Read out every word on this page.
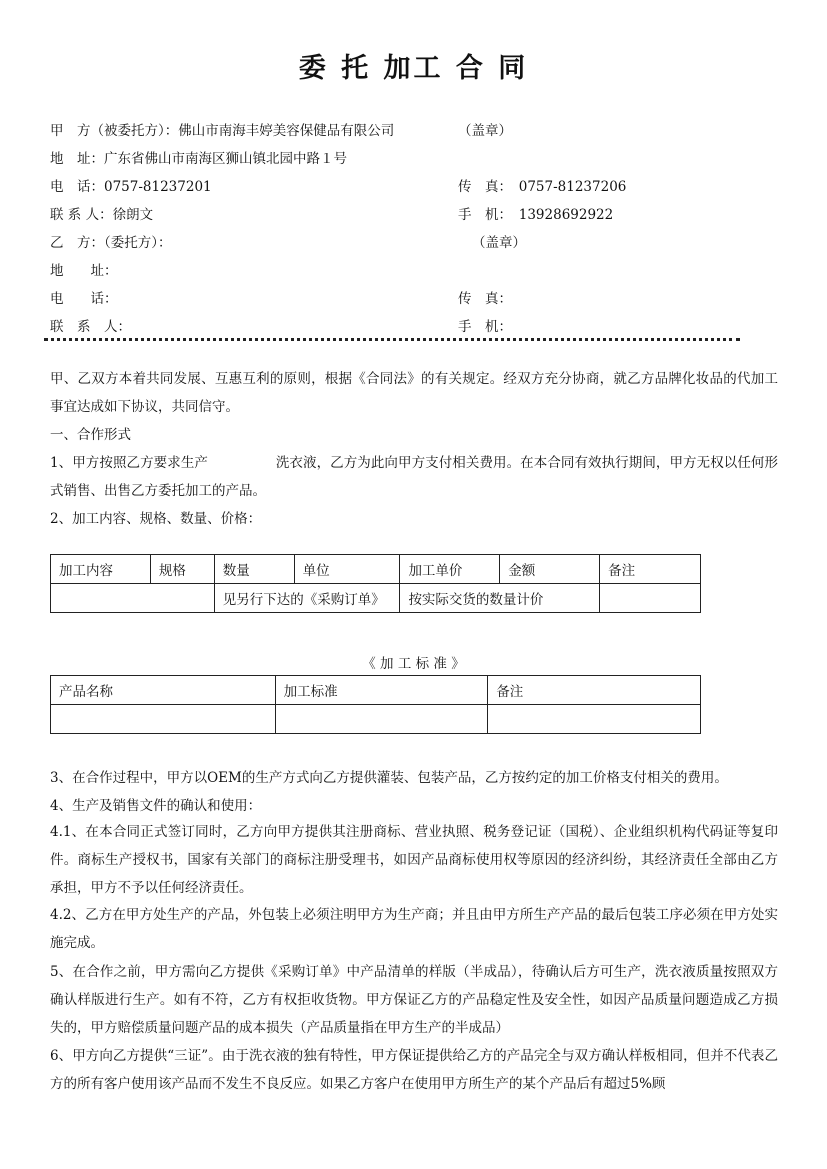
委 托 加工 合 同
甲　方（被委托方）：佛山市南海丰婷美容保健品有限公司	（盖章）
地　址：广东省佛山市南海区狮山镇北园中路１号
电　话：0757-81237201	传　真：　0757-81237206
联 系 人：徐朗文	手　机：　13928692922
乙　方：（委托方）：	（盖章）
地　　址：
电　　话：	传　真：
联　系　人：	手　机：
甲、乙双方本着共同发展、互惠互利的原则，根据《合同法》的有关规定。经双方充分协商，就乙方品牌化妆品的代加工事宜达成如下协议，共同信守。
一、合作形式
1、甲方按照乙方要求生产　　　　　洗衣液，乙方为此向甲方支付相关费用。在本合同有效执行期间，甲方无权以任何形式销售、出售乙方委托加工的产品。
2、加工内容、规格、数量、价格：
加工内容	规格	数量	单位	加工单价	金额	备注
		见另行下达的《采购订单》		按实际交货的数量计价		
《 加 工 标 准 》
产品名称	加工标准	备注

3、在合作过程中，甲方以OEM的生产方式向乙方提供灌装、包装产品，乙方按约定的加工价格支付相关的费用。
4、生产及销售文件的确认和使用：
4.1、在本合同正式签订同时，乙方向甲方提供其注册商标、营业执照、税务登记证（国税）、企业组织机构代码证等复印件。商标生产授权书，国家有关部门的商标注册受理书，如因产品商标使用权等原因的经济纠纷，其经济责任全部由乙方承担，甲方不予以任何经济责任。
4.2、乙方在甲方处生产的产品，外包装上必须注明甲方为生产商；并且由甲方所生产产品的最后包装工序必须在甲方处实施完成。
5、在合作之前，甲方需向乙方提供《采购订单》中产品清单的样版（半成品），待确认后方可生产，洗衣液质量按照双方确认样版进行生产。如有不符，乙方有权拒收货物。甲方保证乙方的产品稳定性及安全性，如因产品质量问题造成乙方损失的，甲方赔偿质量问题产品的成本损失（产品质量指在甲方生产的半成品）
6、甲方向乙方提供“三证”。由于洗衣液的独有特性，甲方保证提供给乙方的产品完全与双方确认样板相同，但并不代表乙方的所有客户使用该产品而不发生不良反应。如果乙方客户在使用甲方所生产的某个产品后有超过5%顾
